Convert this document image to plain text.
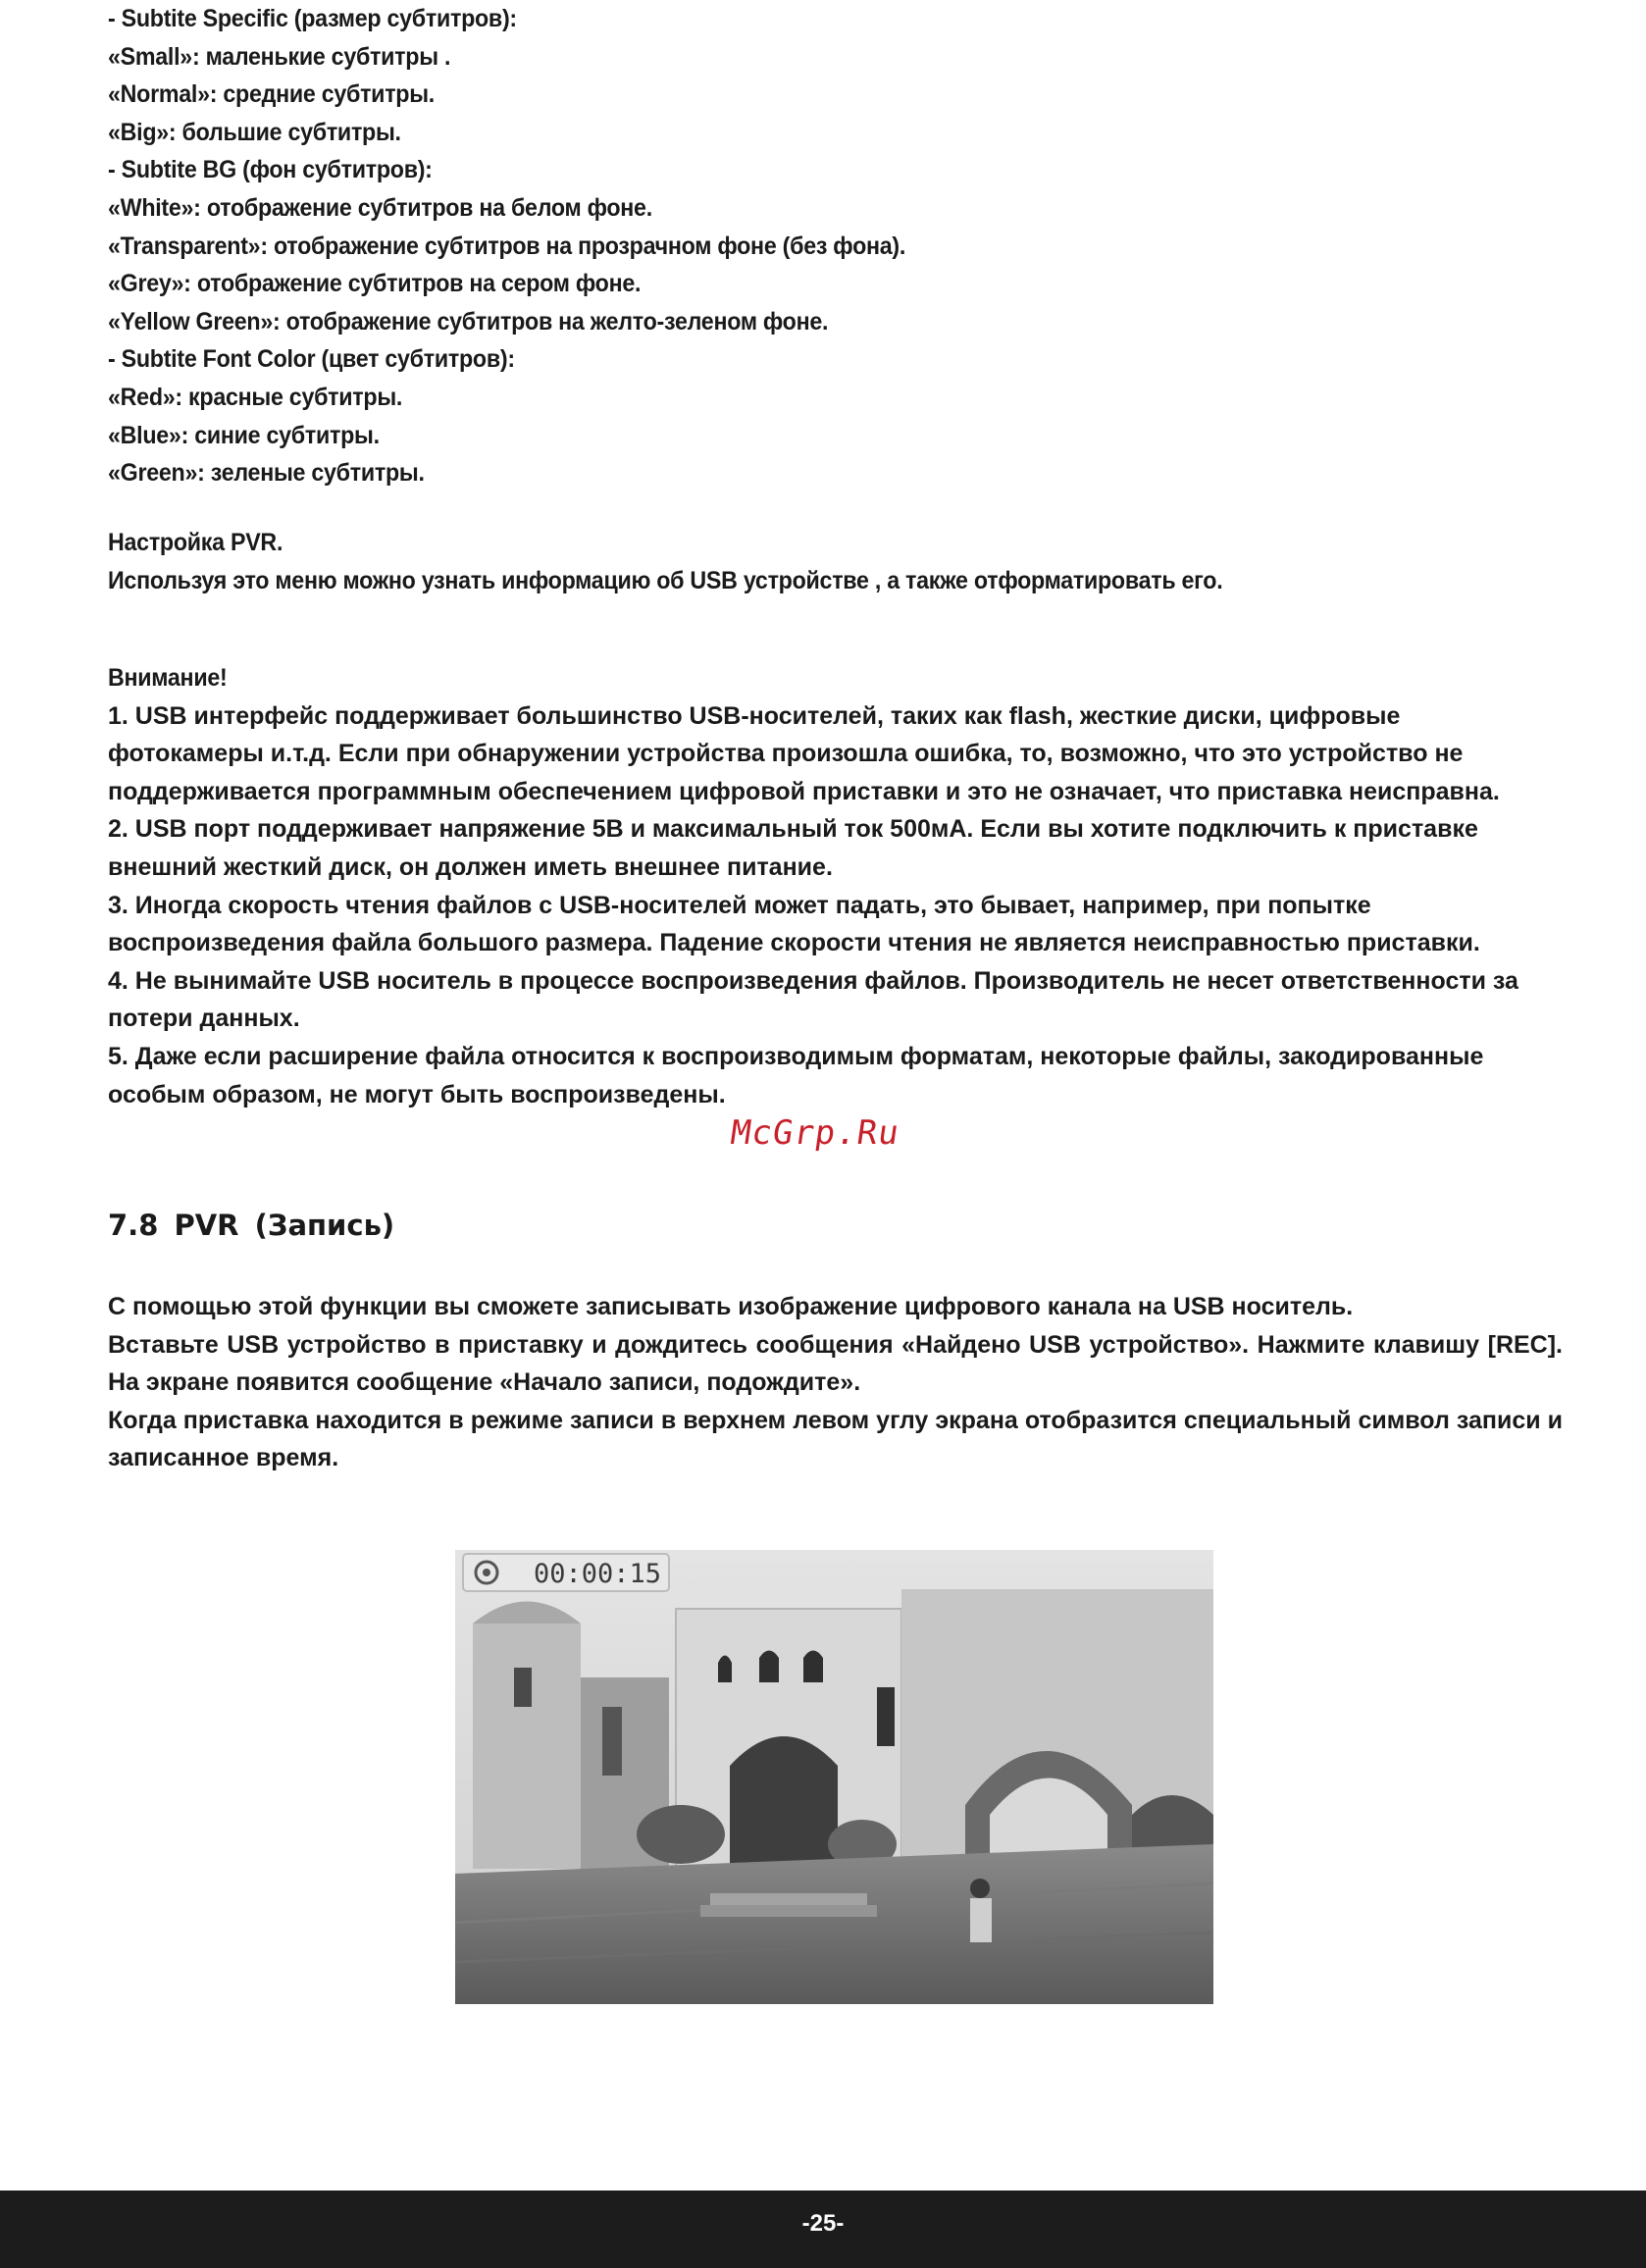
- Subtite Specific (размер субтитров):

«Small»: маленькие субтитры .

«Normal»: средние субтитры.

«Big»: большие субтитры.

- Subtite BG (фон субтитров):

«White»: отображение субтитров на белом фоне.

«Transparent»: отображение субтитров на прозрачном фоне (без фона).

«Grey»: отображение субтитров на сером фоне.

«Yellow Green»: отображение субтитров на желто-зеленом фоне.

- Subtite Font Color (цвет субтитров):

«Red»: красные субтитры.

«Blue»: синие субтитры.

«Green»: зеленые субтитры.

Настройка PVR.

Используя это меню можно узнать информацию об USB устройстве , а также отформатировать его.

Внимание!

1. USB интерфейс поддерживает большинство USB-носителей, таких как flash, жесткие диски, цифровые фотокамеры и.т.д. Если при обнаружении устройства произошла ошибка, то, возможно, что это устройство не поддерживается программным обеспечением цифровой приставки и это не означает, что приставка неисправна.

2. USB порт поддерживает напряжение 5В и максимальный ток 500мА. Если вы хотите подключить к приставке внешний жесткий диск, он должен иметь внешнее питание.

3. Иногда скорость чтения файлов с USB-носителей может падать, это бывает, например, при попытке воспроизведения файла большого размера. Падение скорости чтения не является неисправностью приставки.

4. Не вынимайте USB носитель в процессе воспроизведения файлов. Производитель не несет ответственности за потери данных.

5. Даже если расширение файла относится к воспроизводимым форматам, некоторые файлы, закодированные особым образом, не могут быть воспроизведены.

С помощью этой функции вы сможете записывать изображение цифрового канала на USB носитель.

Вставьте USB устройство в приставку и дождитесь сообщения «Найдено USB устройство». Нажмите клавишу [REC]. На экране появится сообщение «Начало записи, подождите».

Когда приставка находится в режиме записи в верхнем левом углу экрана отобразится специальный символ записи и записанное время.

McGrp.Ru
7.8 PVR (Запись)
00:00:15
-25-
